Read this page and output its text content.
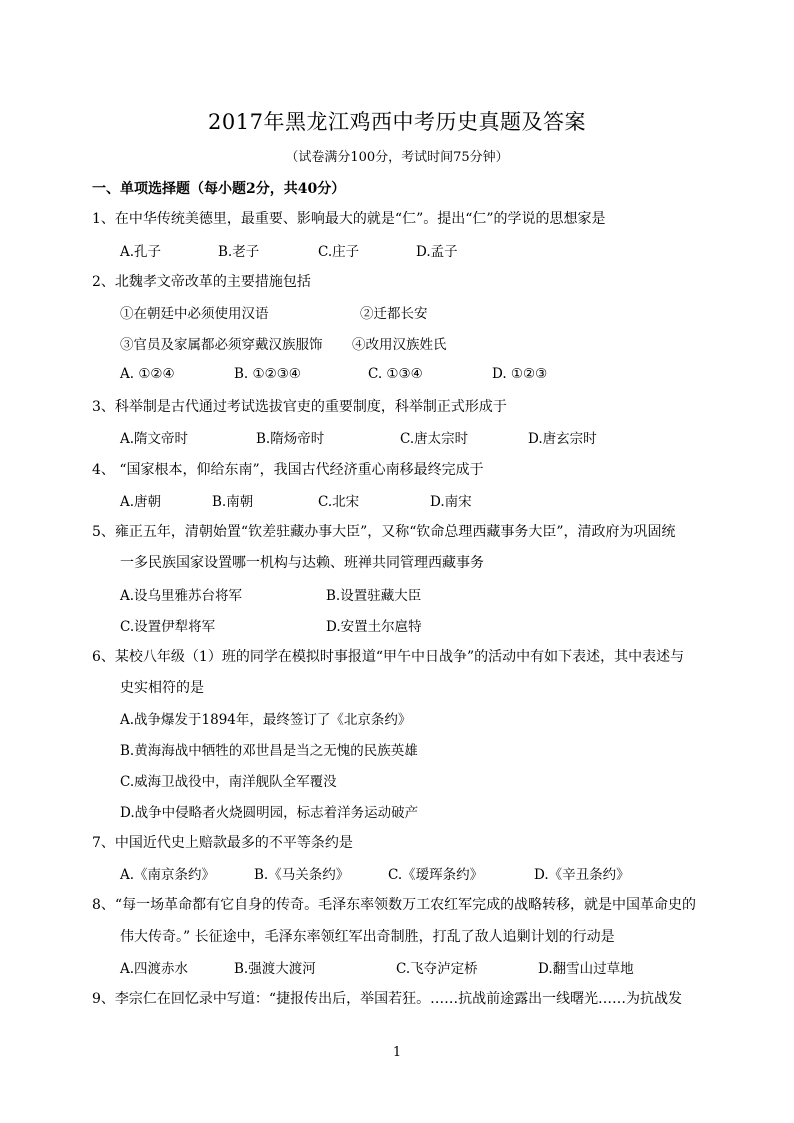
2017年黑龙江鸡西中考历史真题及答案
（试卷满分100分，考试时间75分钟）
一、单项选择题（每小题2分，共40分）
1、在中华传统美德里，最重要、影响最大的就是“仁”。提出“仁”的学说的思想家是
A.孔子	B.老子	C.庄子	D.孟子
2、北魏孝文帝改革的主要措施包括
①在朝廷中必须使用汉语	②迁都长安
③官员及家属都必须穿戴汉族服饰 ④改用汉族姓氏
A. ①②④	B. ①②③④	C. ①③④	D. ①②③
3、科举制是古代通过考试选拔官吏的重要制度，科举制正式形成于
A.隋文帝时	B.隋炀帝时	C.唐太宗时	D.唐玄宗时
4、 “国家根本，仰给东南”，我国古代经济重心南移最终完成于
A.唐朝	B.南朝	C.北宋	D.南宋
5、雍正五年，清朝始置“钦差驻藏办事大臣”，又称“钦命总理西藏事务大臣”，清政府为巩固统
一多民族国家设置哪一机构与达赖、班禅共同管理西藏事务
A.设乌里雅苏台将军	B.设置驻藏大臣
C.设置伊犁将军	D.安置土尔扈特
6、某校八年级（1）班的同学在模拟时事报道“甲午中日战争”的活动中有如下表述，其中表述与
史实相符的是
A.战争爆发于1894年，最终签订了《北京条约》
B.黄海海战中牺牲的邓世昌是当之无愧的民族英雄
C.威海卫战役中，南洋舰队全军覆没
D.战争中侵略者火烧圆明园，标志着洋务运动破产
7、中国近代史上赔款最多的不平等条约是
A.《南京条约》	B.《马关条约》	C.《瑷珲条约》	D.《辛丑条约》
8、“每一场革命都有它自身的传奇。毛泽东率领数万工农红军完成的战略转移，就是中国革命史的
伟大传奇。” 长征途中，毛泽东率领红军出奇制胜，打乱了敌人追剿计划的行动是
A.四渡赤水	B.强渡大渡河	C.飞夺泸定桥	D.翻雪山过草地
9、李宗仁在回忆录中写道：“捷报传出后，举国若狂。……抗战前途露出一线曙光……为抗战发
1
